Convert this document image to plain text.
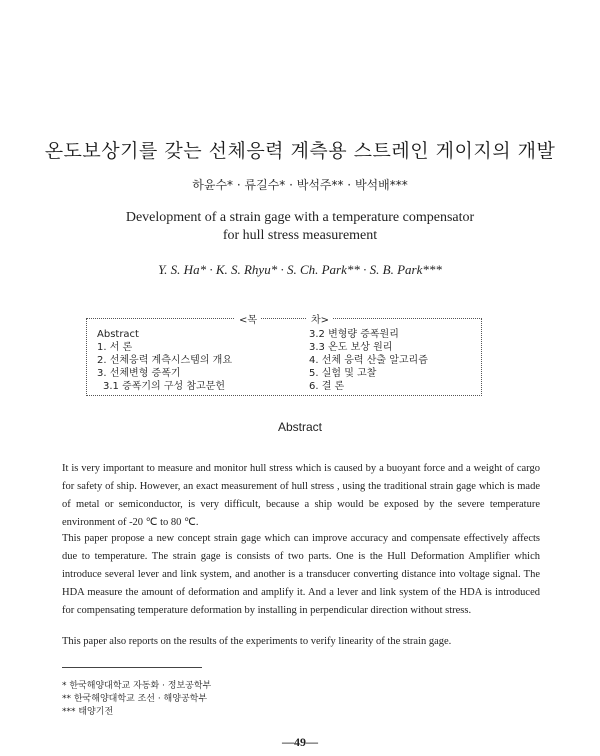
온도보상기를 갖는 선체응력 계측용 스트레인 게이지의 개발
하윤수* · 류길수* · 박석주** · 박석배***
Development of a strain gage with a temperature compensator
for hull stress measurement
Y. S. Ha* · K. S. Rhyu* · S. Ch. Park** · S. B. Park***
<목	차>
Abstract
1. 서 론
2. 선체응력 계측시스템의 개요
3. 선체변형 증폭기
3.1 증폭기의 구성 참고문헌
3.2 변형량 증폭원리
3.3 온도 보상 원리
4. 선체 응력 산출 알고리즘
5. 실험 및 고찰
6. 결 론
Abstract
It is very important to measure and monitor hull stress which is caused by a buoyant force and a weight of cargo for safety of ship. However, an exact measurement of hull stress , using the traditional strain gage which is made of metal or semiconductor, is very difficult, because a ship would be exposed by the severe temperature environment of -20 ℃ to 80 ℃.
This paper propose a new concept strain gage which can improve accuracy and compensate effectively affects due to temperature. The strain gage is consists of two parts. One is the Hull Deformation Amplifier which introduce several lever and link system, and another is a transducer converting distance into voltage signal. The HDA measure the amount of deformation and amplify it. And a lever and link system of the HDA is introduced for compensating temperature deformation by installing in perpendicular direction without stress.
This paper also reports on the results of the experiments to verify linearity of the strain gage.
* 한국해양대학교 자동화 · 정보공학부
** 한국해양대학교 조선 · 해양공학부
*** 태양기전
—49—
